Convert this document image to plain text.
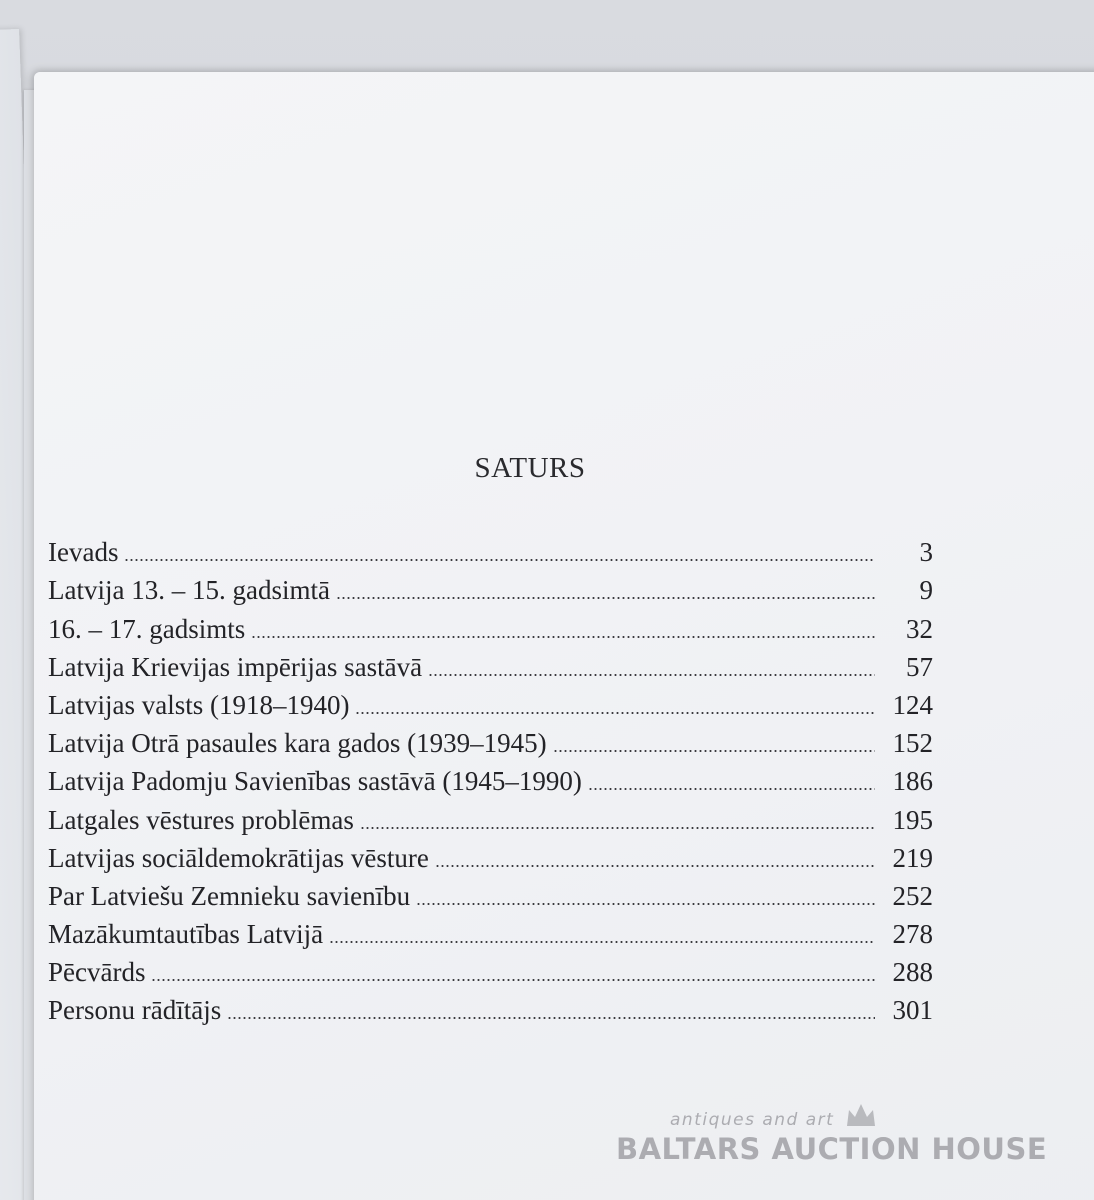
SATURS
Ievads	3
Latvija 13. – 15. gadsimtā	9
16. – 17. gadsimts	32
Latvija Krievijas impērijas sastāvā	57
Latvijas valsts (1918–1940)	124
Latvija Otrā pasaules kara gados (1939–1945)	152
Latvija Padomju Savienības sastāvā (1945–1990)	186
Latgales vēstures problēmas	195
Latvijas sociāldemokrātijas vēsture	219
Par Latviešu Zemnieku savienību	252
Mazākumtautības Latvijā	278
Pēcvārds	288
Personu rādītājs	301
antiques and art
BALTARS AUCTION HOUSE
